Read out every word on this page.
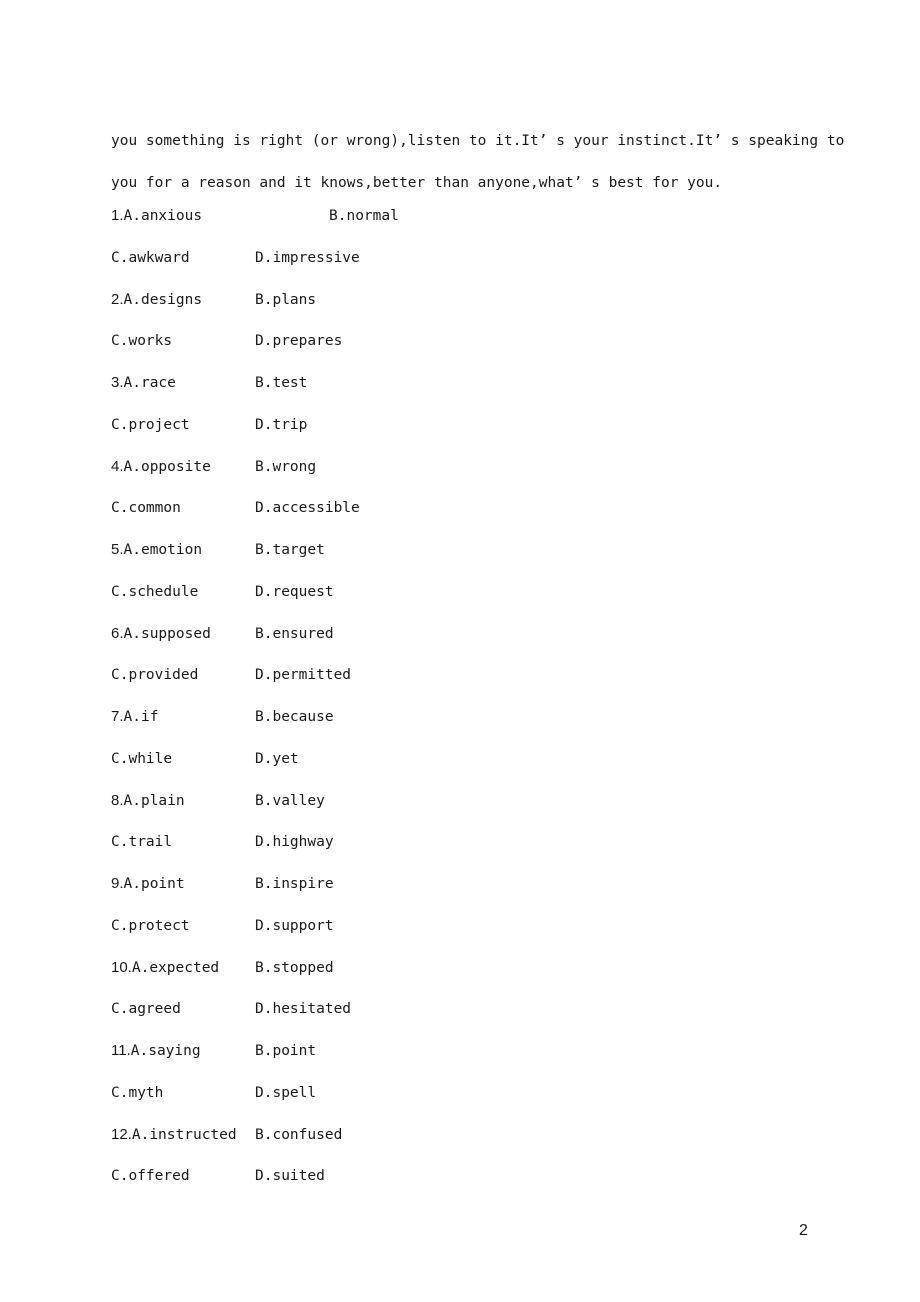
you something is right (or wrong),listen to it.It’ s your instinct.It’ s speaking to
you for a reason and it knows,better than anyone,what’ s best for you.
1.A.anxious	B.normal
C.awkward	D.impressive
2.A.designs	B.plans
C.works	D.prepares
3.A.race	B.test
C.project	D.trip
4.A.opposite	B.wrong
C.common	D.accessible
5.A.emotion	B.target
C.schedule	D.request
6.A.supposed	B.ensured
C.provided	D.permitted
7.A.if	B.because
C.while	D.yet
8.A.plain	B.valley
C.trail	D.highway
9.A.point	B.inspire
C.protect	D.support
10.A.expected B.stopped
C.agreed	D.hesitated
11.A.saying	B.point
C.myth	D.spell
12.A.instructed B.confused
C.offered	D.suited
2
